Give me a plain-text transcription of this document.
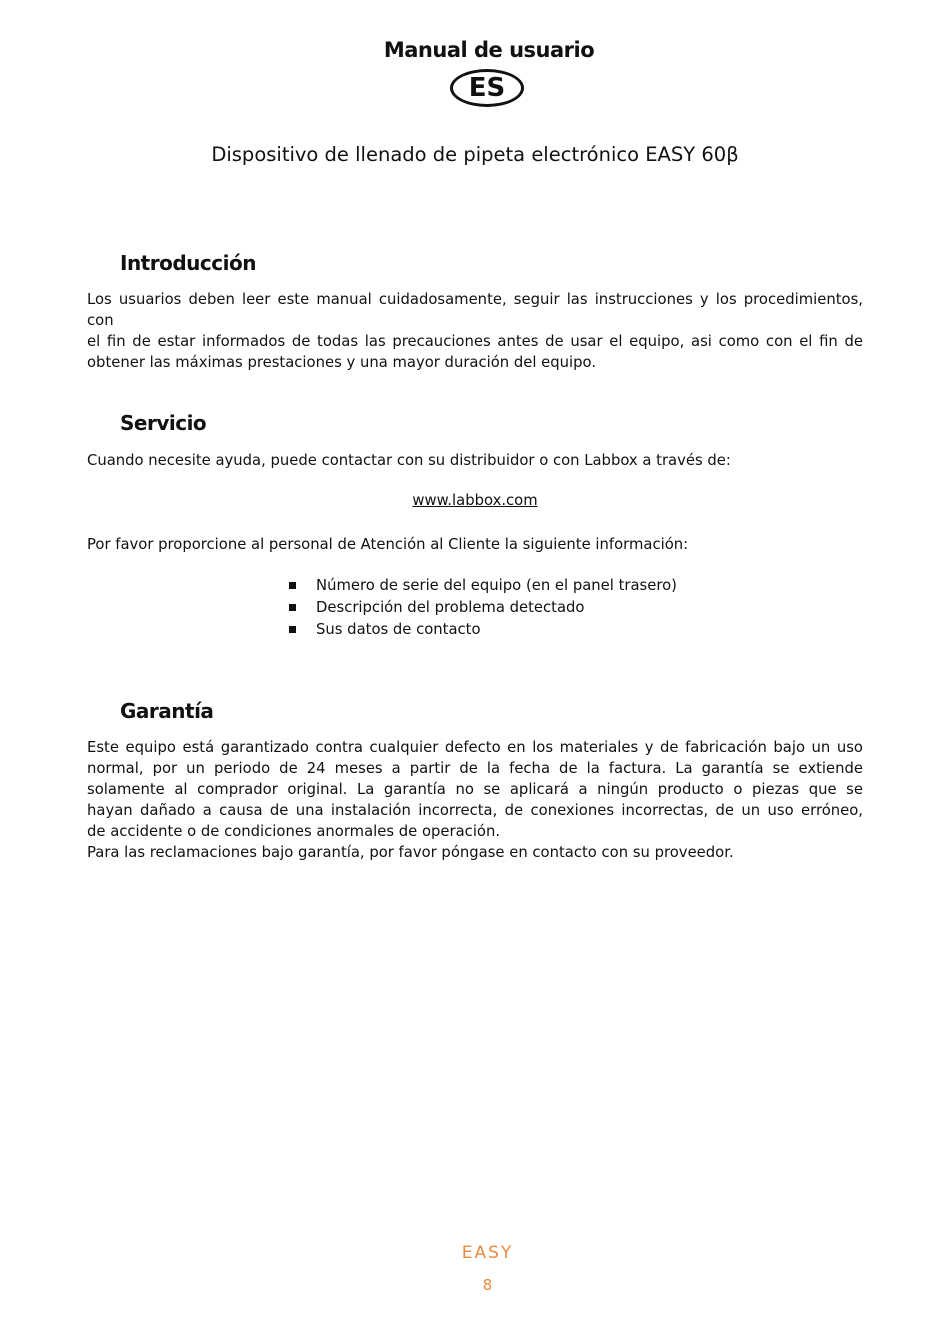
Manual de usuario
ES
Dispositivo de llenado de pipeta electrónico EASY 60β
Introducción
Los usuarios deben leer este manual cuidadosamente, seguir las instrucciones y los procedimientos, con
el fin de estar informados de todas las precauciones antes de usar el equipo, asi como con el fin de
obtener las máximas prestaciones y una mayor duración del equipo.
Servicio
Cuando necesite ayuda, puede contactar con su distribuidor o con Labbox a través de:
www.labbox.com
Por favor proporcione al personal de Atención al Cliente la siguiente información:
Número de serie del equipo (en el panel trasero)
Descripción del problema detectado
Sus datos de contacto
Garantía
Este equipo está garantizado contra cualquier defecto en los materiales y de fabricación bajo un uso
normal, por un periodo de 24 meses a partir de la fecha de la factura. La garantía se extiende
solamente al comprador original. La garantía no se aplicará a ningún producto o piezas que se
hayan dañado a causa de una instalación incorrecta, de conexiones incorrectas, de un uso erróneo,
de accidente o de condiciones anormales de operación.
Para las reclamaciones bajo garantía, por favor póngase en contacto con su proveedor.
EASY
8
